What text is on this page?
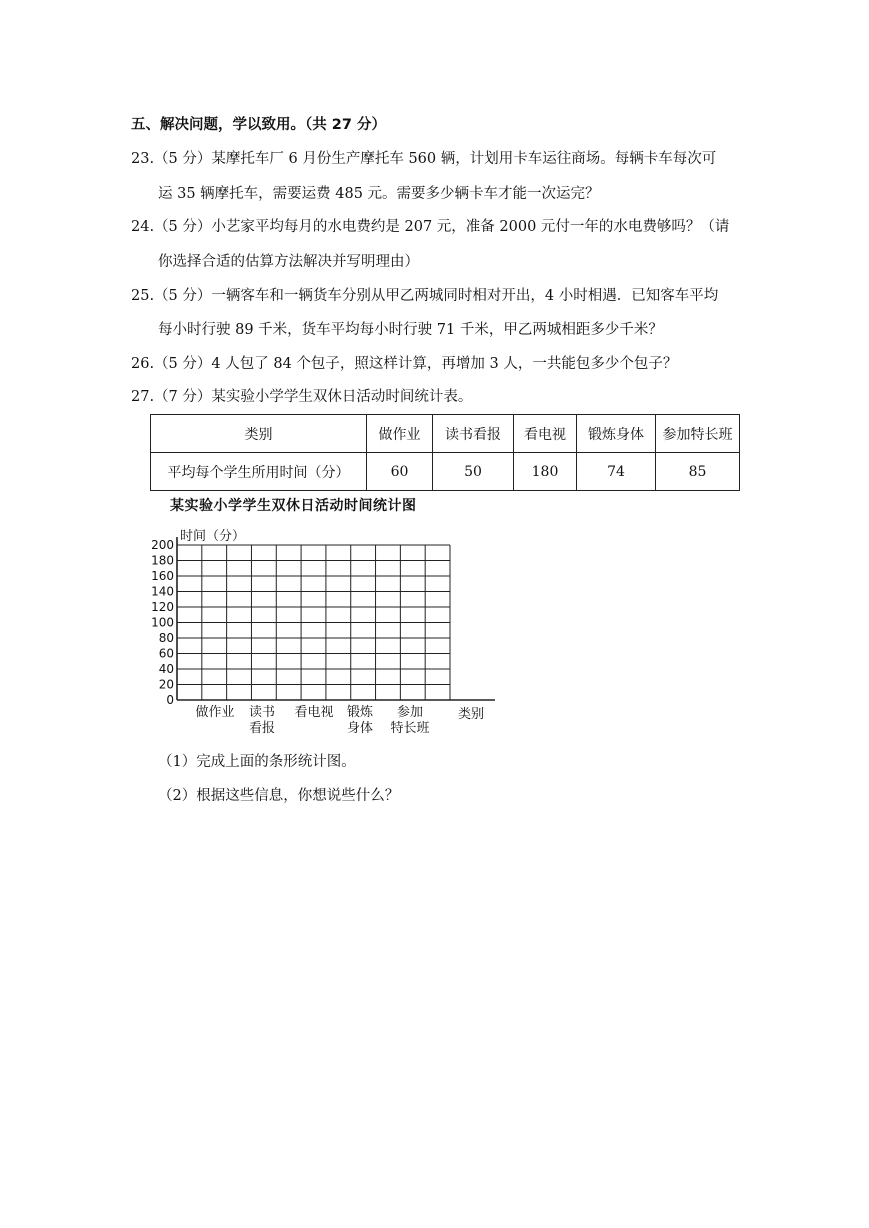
五、解决问题，学以致用。（共 27 分）
23.（5 分）某摩托车厂 6 月份生产摩托车 560 辆，计划用卡车运往商场。每辆卡车每次可
运 35 辆摩托车，需要运费 485 元。需要多少辆卡车才能一次运完？
24.（5 分）小艺家平均每月的水电费约是 207 元，准备 2000 元付一年的水电费够吗？（请
你选择合适的估算方法解决并写明理由）
25.（5 分）一辆客车和一辆货车分别从甲乙两城同时相对开出，4 小时相遇．已知客车平均
每小时行驶 89 千米，货车平均每小时行驶 71 千米，甲乙两城相距多少千米？
26.（5 分）4 人包了 84 个包子，照这样计算，再增加 3 人，一共能包多少个包子？
27.（7 分）某实验小学学生双休日活动时间统计表。
类别	做作业	读书看报	看电视	锻炼身体	参加特长班
平均每个学生所用时间（分）	60	50	180	74	85
某实验小学学生双休日活动时间统计图
0
20
40
60
80
100
120
140
160
180
200
做作业 读书
看报
看电视 锻炼
身体
参加
特长班
时间（分）
类别
（1）完成上面的条形统计图。
（2）根据这些信息，你想说些什么？
